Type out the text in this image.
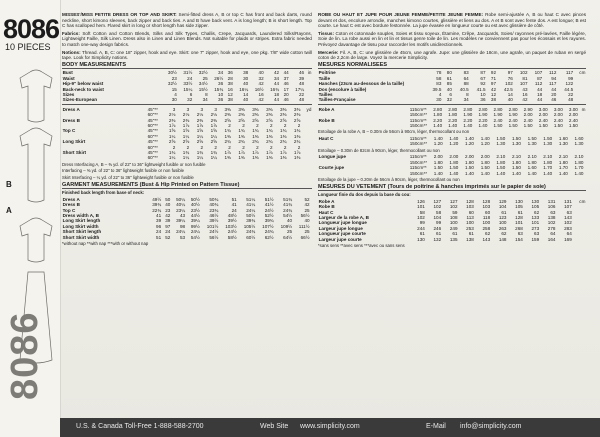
8086
10 PIECES
B
A
8086
MISSES'/MISS PETITE DRESS OR TOP AND SKIRT: Semi-fitted dress A, B or top C has front and back darts, round neckline, short kimono sleeves, back zipper and back ties. A and B have back vent. A is long length; B is short length. Top C has scalloped hem. Flared skirt in long or short length has side zipper.
Fabrics: Soft Cotton and Cotton Blends, Silks and Silk Types, Challis, Crepe, Jacquards, Laundered Silks/Rayons, Lightweight Faille, Silk Linen. Dress also in Linen and Linen Blends. Not suitable for plaids or stripes. Extra fabric needed to match one-way design fabrics.
Notions: Thread. A, B, C: one 18" zipper, hook and eye. Skirt: one 7" zipper, hook and eye, one pkg. 7/8" wide cotton twill tape. Look for Simplicity notions.
BODY MEASUREMENTS
Bust		30½	31½	32½	34	36	38	40	42	44	46	in
Waist		23	24	25	26½	28	30	32	34	37	39	
Hip-9" below waist		32½	33½	34½	36	38	40	42	44	46	48	
Back-neck to waist		15	15¼	15½	15¾	16	16¼	16½	16¾	17	17¼	
Sizes		4	6	8	10	12	14	16	18	20	22	
Sizes-European		30	32	34	36	38	40	42	44	46	48	
Dress A	45"**	3	3	3	3	3⅜	3⅜	3⅜	3⅜	3⅜	3⅜	yd
	60"**	2⅛	2⅛	2⅛	2⅛	2⅜	2⅜	2⅜	2⅜	2⅜	2⅜	
Dress B	45"**	2⅜	2⅜	2⅜	2⅜	2⅝	2⅝	2⅝	2⅝	2⅝	2⅝	
	60"**	1⅞	1⅞	1⅞	1⅞	2	2	2	2	2	2	
Top C	45"**	1⅝	1⅝	1⅝	1⅝	1¾	1¾	1¾	1¾	1¾	1¾	
	60"**	1¼	1¼	1¼	1¼	1⅜	1⅜	1⅜	1⅜	1⅜	1⅜	
Long Skirt	45"**	2⅝	2⅝	2⅝	2⅝	2¾	2¾	2¾	2¾	2¾	2¾	
	60"**	2	2	2	2	2	2	2	2	2	2	
Short Skirt	45"**	1¾	1¾	1¾	1¾	1⅞	1⅞	1⅞	1⅞	1⅞	1⅞	
	60"**	1¼	1¼	1¼	1¼	1⅜	1⅜	1⅜	1⅜	1⅜	1⅜	
Dress Interfacing A, B – ⅜ yd. of 22" to 36" lightweight fusible or non fusible
Interfacing – ⅜ yd. of 22" to 36" lightweight fusible or non fusible
Skirt Interfacing – ¼ yd. of 22" to 36" lightweight fusible or non fusible
GARMENT MEASUREMENTS (Bust & Hip Printed on Pattern Tissue)
Finished back length from base of neck:
Dress A	49½	50	50¼	50½	50¾	51	51¼	51½	51¾	52	
Dress B	39¾	40	40¼	40½	40¾	41	41¼	41½	41¾	42	
Top C	22¾	23	23¼	23½	23¾	24	24¼	24½	24¾	25	
Dress width A, B	41	42	43	44½	46½	48½	50½	52½	54½	56½	
Long Skirt length	39	39	39¼	39¼	39½	39½	39¾	39¾	40	40	
Long Skirt width	96	97	98	99½	101½	103½	105½	107½	109½	111½	
Short Skirt length	24	24	24¼	24¼	24½	24½	24¾	24¾	25	25	
Short Skirt width	51	52	53	54½	56½	58½	60½	62½	64½	66½	
*without nap **with nap ***with or without nap
ROBE OU HAUT ET JUPE POUR JEUNE FEMME/PETITE JEUNE FEMME: Robe semi-ajustée A, B ou haut C avec pinces devant et dos, encolure arrondie, manches kimono courtes, glissière et liens au dos. A et B sont avec fente dos. A est longue; B est courte. Le haut C est avec bordure festonnée. La jupe évasée en longueur courte ou est avec glissière de côté.
Tissus: Coton et cotonnade souples, Soies et tissu soyeux, Étamine, Crêpe, Jacquards, Soies/ rayonnes pré-lavées, Faille légère, Soie de lin. La robe aussi en lin et lin et tissus genre toile de lin. Les modèles ne conviennent pas pour les écossais et les rayures. Prévoyez davantage de tissu pour raccorder les motifs unidirectionnels.
Mercerie: Fil. A, B, C: une glissière de 45cm, une agrafe. Jupe: une glissière de 18cm, une agrafe, un paquet de ruban en sergé coton de 2,2cm de large. Voyez la mercerie Simplicity.
MESURES NORMALISEES
Poitrine		78	80	83	87	92	97	102	107	112	117	cm
Taille		58	61	64	67	71	76	81	87	94	99	
Hanches (23cm au-dessous de la taille)		83	85	88	92	97	102	107	112	117	122	
Dos (encolure à taille)		39.5	40	40.5	41.5	42	42.5	43	44	44	44.5	
Tailles		4	6	8	10	12	14	16	18	20	22	
Tailles-Française		30	32	34	36	38	40	42	44	46	48	
Robe A	115cm**	2.80	2.80	2.80	2.80	2.80	2.80	2.90	3.00	3.00	3.00	m
	150cm**	1.80	1.80	1.90	1.90	1.90	1.90	2.00	2.00	2.00	2.00	
Robe B	115cm**	2.20	2.20	2.20	2.20	2.40	2.40	2.40	2.40	2.40	2.40	
	150cm**	1.40	1.40	1.40	1.40	1.50	1.50	1.50	1.50	1.50	1.50	
Entoilage de la robe A, B – 0.30m de 56cm à 90cm, léger, thermocollant ou non
Haut C	115cm**	1.40	1.40	1.40	1.40	1.50	1.50	1.50	1.50	1.60	1.60	
	150cm**	1.20	1.20	1.20	1.20	1.30	1.30	1.30	1.30	1.30	1.30	
Entoilage – 0.30m de 82cm à 90cm, léger, thermocollant ou non
Longue jupe	115cm**	2.00	2.00	2.00	2.00	2.10	2.10	2.10	2.10	2.10	2.10	
	150cm**	1.80	1.80	1.80	1.80	1.80	1.80	1.80	1.80	1.80	1.80	
Courte jupe	115cm**	1.50	1.50	1.50	1.50	1.50	1.50	1.60	1.70	1.70	1.70	
	150cm**	1.40	1.40	1.40	1.40	1.40	1.40	1.40	1.40	1.40	1.40	
Entoilage de la jupe – 0.20m de 56cm à 90cm, léger, thermocollant ou non
MESURES DU VETEMENT (Tours de poitrine & hanches imprimés sur le papier de soie)
Longueur finie du dos depuis la base du cou:
Robe A	126	127	127	128	128	129	130	130	131	131	cm
Robe B	101	102	102	103	103	104	105	105	106	107	
Haut C	58	58	59	60	60	61	61	62	63	63	
Largeur de la robe A, B	102	104	108	113	118	123	128	133	138	143	
Longueur jupe longue	99	99	100	100	100	100	101	101	102	102	
Largeur jupe longue	244	246	249	253	258	263	268	273	278	283	
Longueur jupe courte	61	61	61	61	62	62	63	63	64	64	
Largeur jupe courte	130	132	135	138	143	148	154	159	164	169	
*sans sens **avec sens ***avec ou sans sens
U.S. & Canada Toll-Free 1-888-588-2700	Web Site www.simplicity.com	E-Mail info@simplicity.com
